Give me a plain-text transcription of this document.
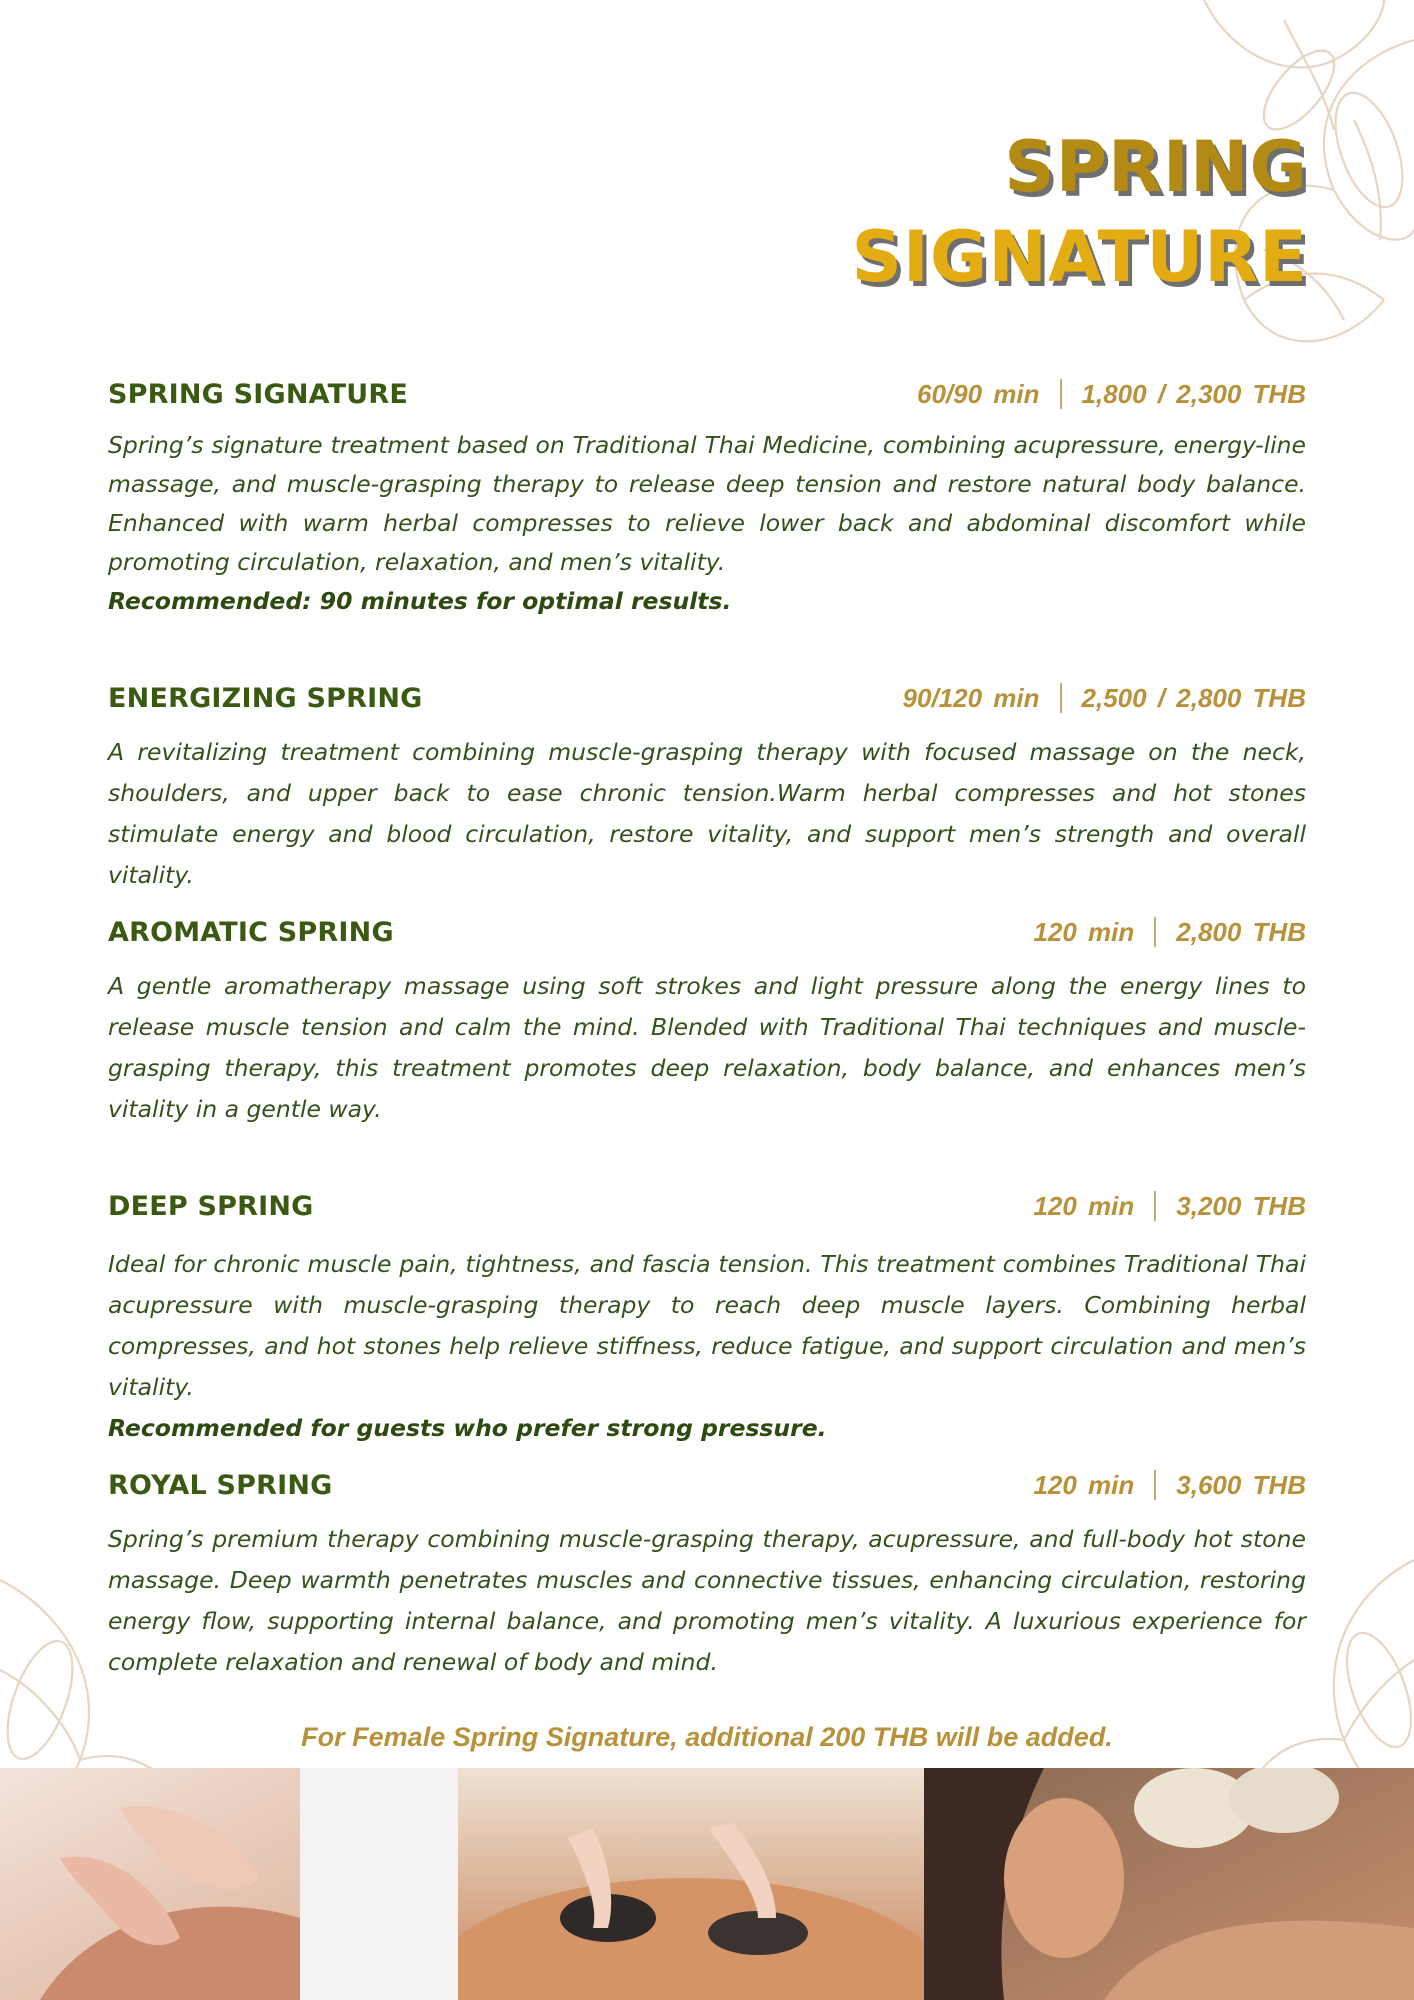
SPRING
SIGNATURE
SPRING SIGNATURE	60/90 min 1,800 / 2,300 THB
Spring’s signature treatment based on Traditional Thai Medicine, combining acupressure, energy-line massage, and muscle-grasping therapy to release deep tension and restore natural body balance. Enhanced with warm herbal compresses to relieve lower back and abdominal discomfort while promoting circulation, relaxation, and men’s vitality.
Recommended: 90 minutes for optimal results.
ENERGIZING SPRING	90/120 min 2,500 / 2,800 THB
A revitalizing treatment combining muscle-grasping therapy with focused massage on the neck, shoulders, and upper back to ease chronic tension.Warm herbal compresses and hot stones stimulate energy and blood circulation, restore vitality, and support men’s strength and overall vitality.
AROMATIC SPRING	120 min 2,800 THB
A gentle aromatherapy massage using soft strokes and light pressure along the energy lines to release muscle tension and calm the mind. Blended with Traditional Thai techniques and muscle-grasping therapy, this treatment promotes deep relaxation, body balance, and enhances men’s vitality in a gentle way.
DEEP SPRING	120 min 3,200 THB
Ideal for chronic muscle pain, tightness, and fascia tension. This treatment combines Traditional Thai acupressure with muscle-grasping therapy to reach deep muscle layers. Combining herbal compresses, and hot stones help relieve stiffness, reduce fatigue, and support circulation and men’s vitality.
Recommended for guests who prefer strong pressure.
ROYAL SPRING	120 min 3,600 THB
Spring’s premium therapy combining muscle-grasping therapy, acupressure, and full-body hot stone massage. Deep warmth penetrates muscles and connective tissues, enhancing circulation, restoring energy flow, supporting internal balance, and promoting men’s vitality. A luxurious experience for complete relaxation and renewal of body and mind.
For Female Spring Signature, additional 200 THB will be added.
